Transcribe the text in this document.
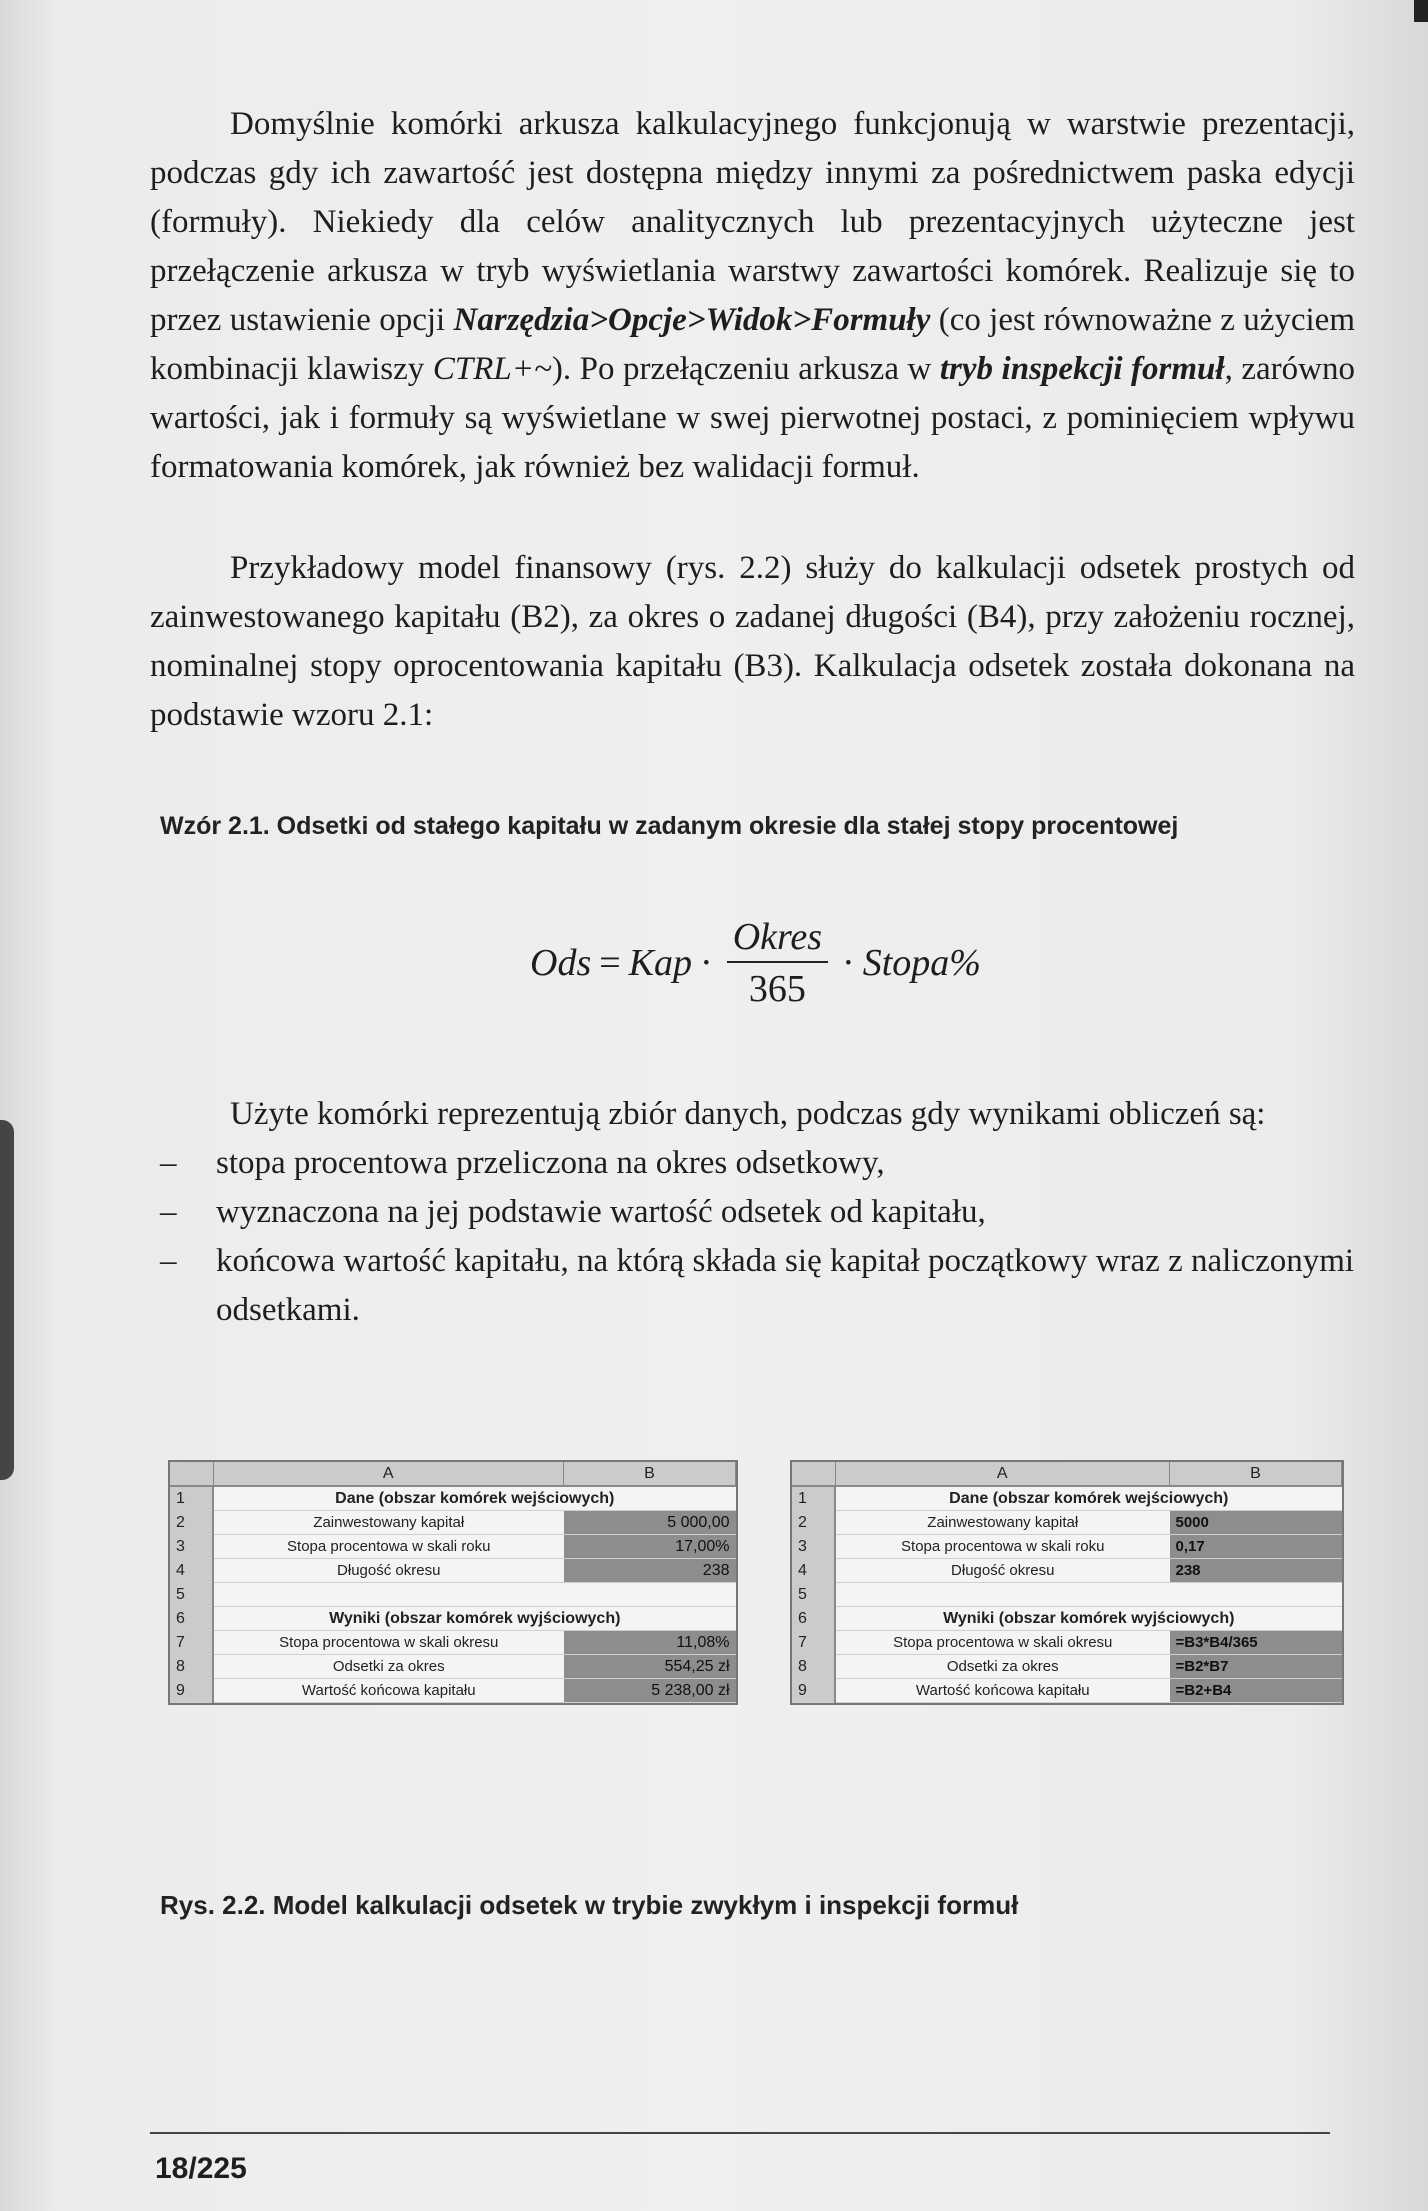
Domyślnie komórki arkusza kalkulacyjnego funkcjonują w warstwie prezentacji, podczas gdy ich zawartość jest dostępna między innymi za pośrednictwem paska edycji (formuły). Niekiedy dla celów analitycznych lub prezentacyjnych użyteczne jest przełączenie arkusza w tryb wyświetlania warstwy zawartości komórek. Realizuje się to przez ustawienie opcji Narzędzia>Opcje>Widok>Formuły (co jest równoważne z użyciem kombinacji klawiszy CTRL+~). Po przełączeniu arkusza w tryb inspekcji formuł, zarówno wartości, jak i formuły są wyświetlane w swej pierwotnej postaci, z pominięciem wpływu formatowania komórek, jak również bez walidacji formuł.

Przykładowy model finansowy (rys. 2.2) służy do kalkulacji odsetek prostych od zainwestowanego kapitału (B2), za okres o zadanej długości (B4), przy założeniu rocznej, nominalnej stopy oprocentowania kapitału (B3). Kalkulacja odsetek została dokonana na podstawie wzoru 2.1:

Wzór 2.1. Odsetki od stałego kapitału w zadanym okresie dla stałej stopy procentowej
Ods = Kap · $\frac{\text{Okres}}{365}$ · Stopa%

Użyte komórki reprezentują zbiór danych, podczas gdy wynikami obliczeń są:

– stopa procentowa przeliczona na okres odsetkowy,
– wyznaczona na jej podstawie wartość odsetek od kapitału,
– końcowa wartość kapitału, na którą składa się kapitał początkowy wraz z naliczonymi odsetkami.
	A	B
1	Dane (obszar komórek wejściowych)	
2	Zainwestowany kapitał	5 000,00
3	Stopa procentowa w skali roku	17,00%
4	Długość okresu	238
5		
6	Wyniki (obszar komórek wyjściowych)	
7	Stopa procentowa w skali okresu	11,08%
8	Odsetki za okres	554,25 zł
9	Wartość końcowa kapitału	5 238,00 zł
	A	B
1	Dane (obszar komórek wejściowych)	
2	Zainwestowany kapitał	5000
3	Stopa procentowa w skali roku	0,17
4	Długość okresu	238
5		
6	Wyniki (obszar komórek wyjściowych)	
7	Stopa procentowa w skali okresu	=B3*B4/365
8	Odsetki za okres	=B2*B7
9	Wartość końcowa kapitału	=B2+B4
Rys. 2.2. Model kalkulacji odsetek w trybie zwykłym i inspekcji formuł
18/225
